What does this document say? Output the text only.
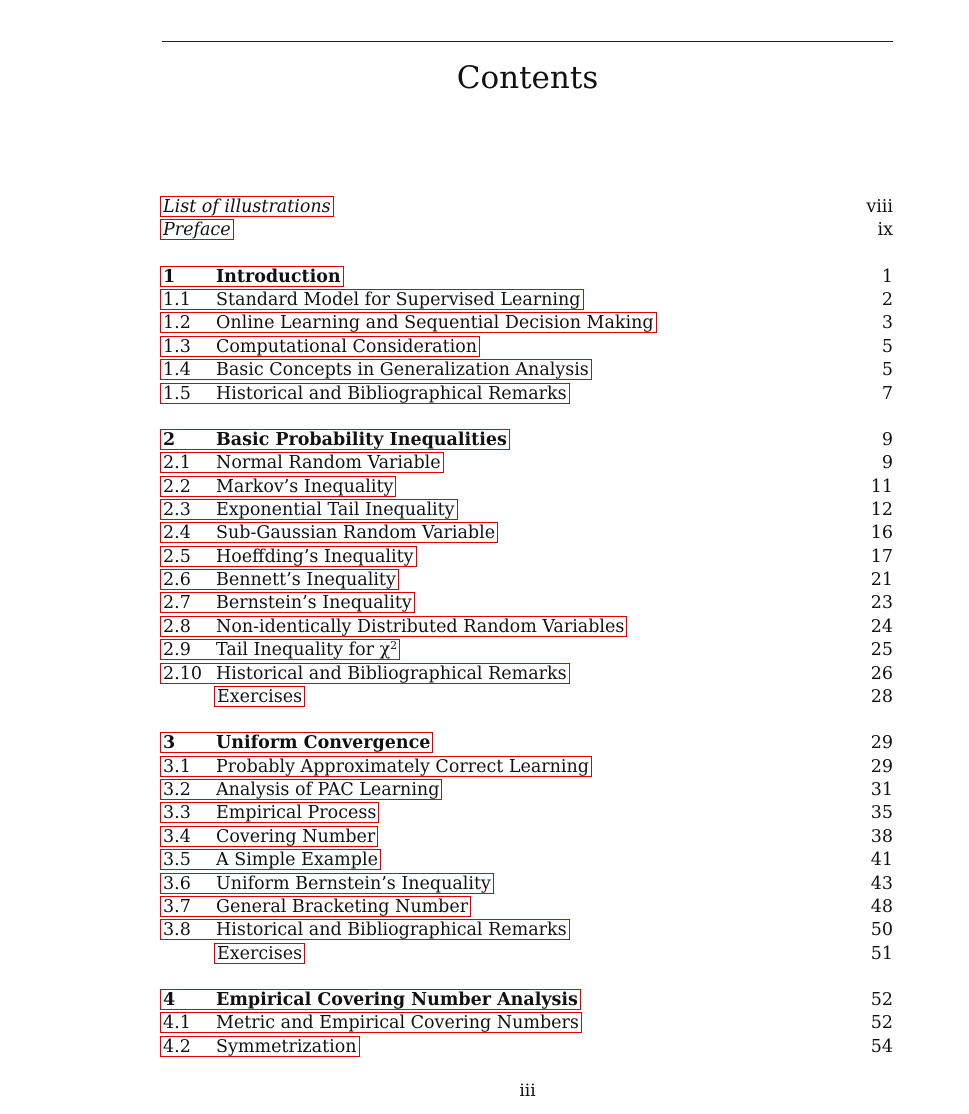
Contents
List of illustrations	viii
Preface	ix
1 Introduction	1
1.1 Standard Model for Supervised Learning	2
1.2 Online Learning and Sequential Decision Making	3
1.3 Computational Consideration	5
1.4 Basic Concepts in Generalization Analysis	5
1.5 Historical and Bibliographical Remarks	7
2 Basic Probability Inequalities	9
2.1 Normal Random Variable	9
2.2 Markov’s Inequality	11
2.3 Exponential Tail Inequality	12
2.4 Sub-Gaussian Random Variable	16
2.5 Hoeffding’s Inequality	17
2.6 Bennett’s Inequality	21
2.7 Bernstein’s Inequality	23
2.8 Non-identically Distributed Random Variables	24
2.9 Tail Inequality for $\chi^2$	25
2.10 Historical and Bibliographical Remarks	26
Exercises	28
3 Uniform Convergence	29
3.1 Probably Approximately Correct Learning	29
3.2 Analysis of PAC Learning	31
3.3 Empirical Process	35
3.4 Covering Number	38
3.5 A Simple Example	41
3.6 Uniform Bernstein’s Inequality	43
3.7 General Bracketing Number	48
3.8 Historical and Bibliographical Remarks	50
Exercises	51
4 Empirical Covering Number Analysis	52
4.1 Metric and Empirical Covering Numbers	52
4.2 Symmetrization	54
iii
